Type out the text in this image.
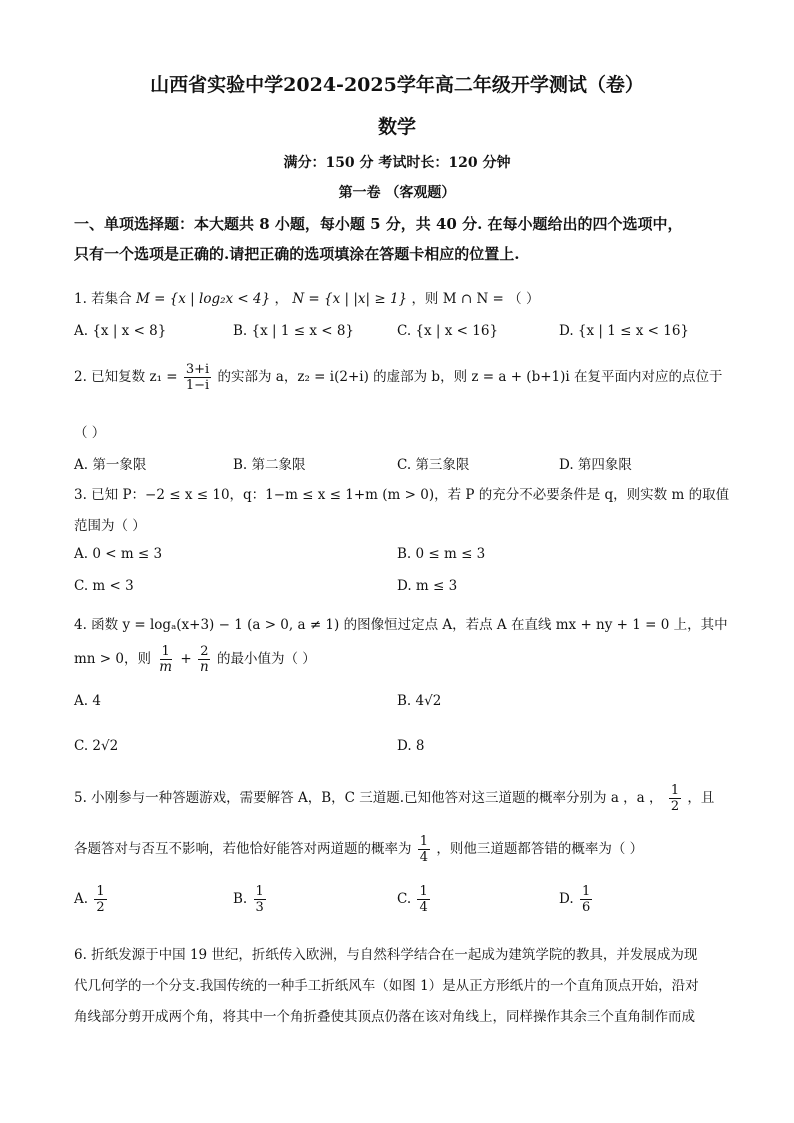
山西省实验中学2024-2025学年高二年级开学测试（卷）
数学
满分：150 分 考试时长：120 分钟
第一卷 （客观题）
一、单项选择题：本大题共 8 小题，每小题 5 分，共 40 分. 在每小题给出的四个选项中，
只有一个选项是正确的.请把正确的选项填涂在答题卡相应的位置上.
1. 若集合 M = {x | log₂x < 4} ， N = {x | |x| ≥ 1} ，则 M ∩ N = （ ）
A. {x | x < 8}	B. {x | 1 ≤ x < 8}	C. {x | x < 16}	D. {x | 1 ≤ x < 16}
2. 已知复数 $z_1 = \frac{3+i}{1-i}$ 的实部为 a，z₂ = i(2+i) 的虚部为 b，则 z = a + (b+1)i 在复平面内对应的点位于
（ ）
A. 第一象限	B. 第二象限	C. 第三象限	D. 第四象限
3. 已知 P：−2 ≤ x ≤ 10，q：1−m ≤ x ≤ 1+m (m > 0)，若 P 的充分不必要条件是 q，则实数 m 的取值
范围为（ ）
A. 0 < m ≤ 3	B. 0 ≤ m ≤ 3
C. m < 3	D. m ≤ 3
4. 函数 y = logₐ(x+3) − 1 (a > 0, a ≠ 1) 的图像恒过定点 A，若点 A 在直线 mx + ny + 1 = 0 上，其中
mn > 0，则 $\frac{1}{m} + \frac{2}{n}$ 的最小值为（ ）
A. 4	B. 4√2
C. 2√2	D. 8
5. 小刚参与一种答题游戏，需要解答 A，B，C 三道题.已知他答对这三道题的概率分别为 a ，a ， $\frac{1}{2}$ ，且
各题答对与否互不影响，若他恰好能答对两道题的概率为 $\frac{1}{4}$ ，则他三道题都答错的概率为（ ）
A. $\frac{1}{2}$	B. $\frac{1}{3}$	C. $\frac{1}{4}$	D. $\frac{1}{6}$
6. 折纸发源于中国 19 世纪，折纸传入欧洲，与自然科学结合在一起成为建筑学院的教具，并发展成为现
代几何学的一个分支.我国传统的一种手工折纸风车（如图 1）是从正方形纸片的一个直角顶点开始，沿对
角线部分剪开成两个角，将其中一个角折叠使其顶点仍落在该对角线上，同样操作其余三个直角制作而成
